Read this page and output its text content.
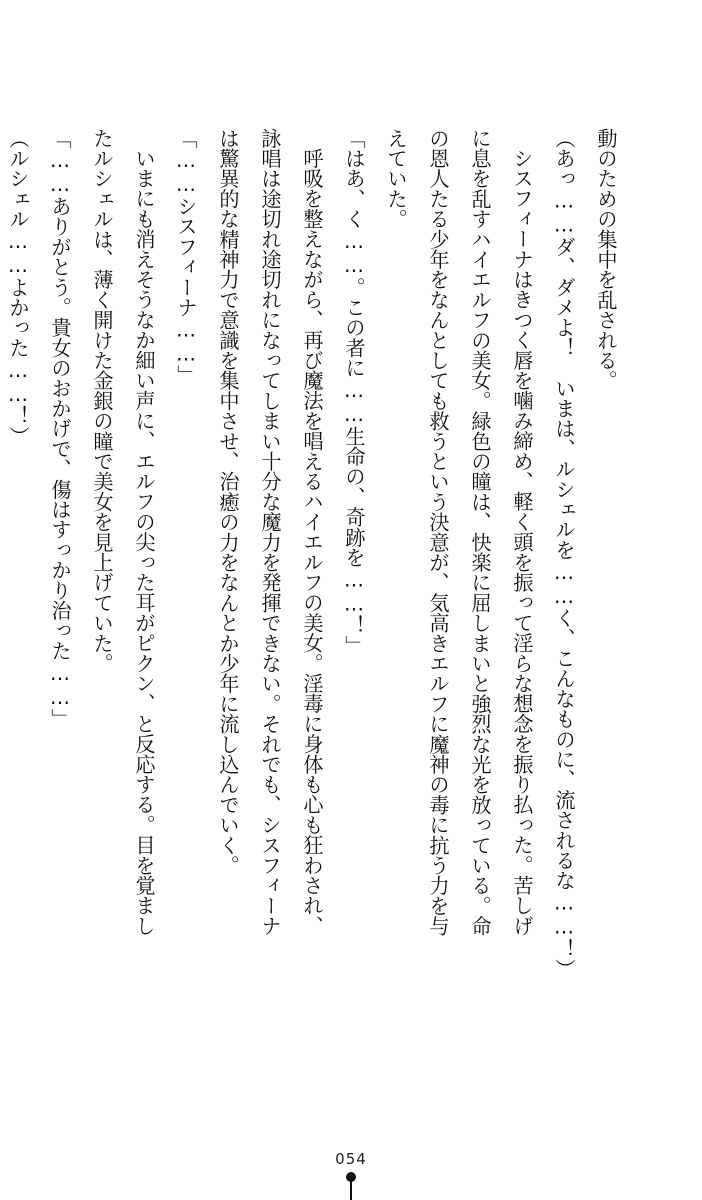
動のための集中を乱される。
（あっ……ダ、ダメよ！　いまは、ルシェルを……く、こんなものに、流されるな……！）
シスフィーナはきつく唇を噛み締め、軽く頭を振って淫らな想念を振り払った。苦しげ
に息を乱すハイエルフの美女。緑色の瞳は、快楽に屈しまいと強烈な光を放っている。命
の恩人たる少年をなんとしても救うという決意が、気高きエルフに魔神の毒に抗う力を与
えていた。
「はあ、く……。この者に……生命の、奇跡を……！」
呼吸を整えながら、再び魔法を唱えるハイエルフの美女。淫毒に身体も心も狂わされ、
詠唱は途切れ途切れになってしまい十分な魔力を発揮できない。それでも、シスフィーナ
は驚異的な精神力で意識を集中させ、治癒の力をなんとか少年に流し込んでいく。
「……シスフィーナ……」
いまにも消えそうなか細い声に、エルフの尖った耳がピクン、と反応する。目を覚まし
たルシェルは、薄く開けた金銀の瞳で美女を見上げていた。
「……ありがとう。貴女のおかげで、傷はすっかり治った……」
（ルシェル……よかった……！）
054
